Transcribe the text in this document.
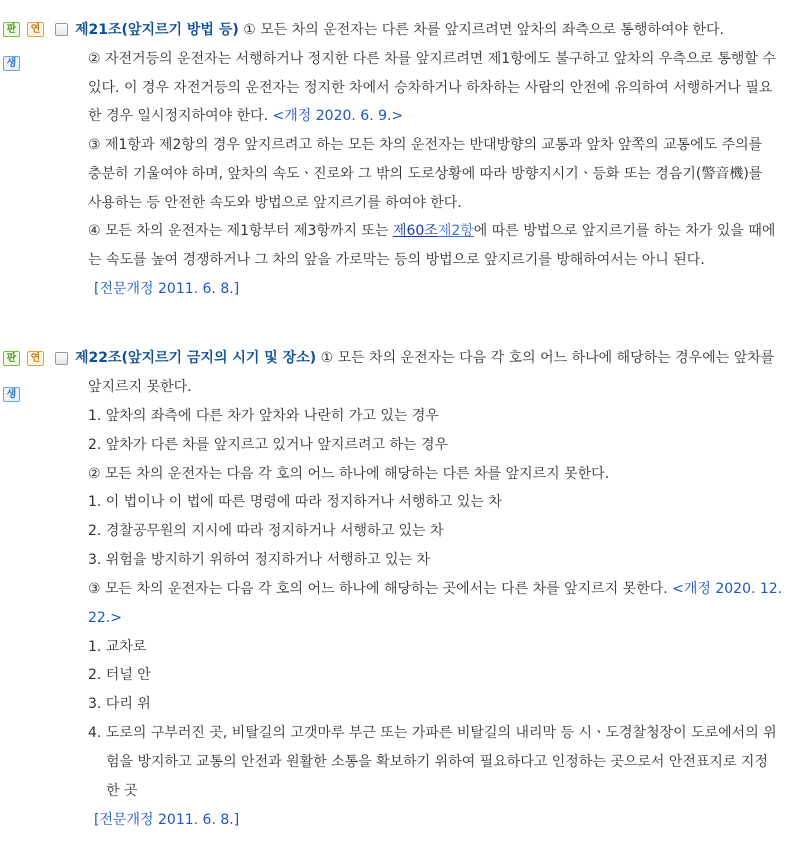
판	연
생
제21조(앞지르기 방법 등) ① 모든 차의 운전자는 다른 차를 앞지르려면 앞차의 좌측으로 통행하여야 한다.
② 자전거등의 운전자는 서행하거나 정지한 다른 차를 앞지르려면 제1항에도 불구하고 앞차의 우측으로 통행할 수
있다. 이 경우 자전거등의 운전자는 정지한 차에서 승차하거나 하차하는 사람의 안전에 유의하여 서행하거나 필요
한 경우 일시정지하여야 한다. <개정 2020. 6. 9.>
③ 제1항과 제2항의 경우 앞지르려고 하는 모든 차의 운전자는 반대방향의 교통과 앞차 앞쪽의 교통에도 주의를
충분히 기울여야 하며, 앞차의 속도ㆍ진로와 그 밖의 도로상황에 따라 방향지시기ㆍ등화 또는 경음기(警音機)를
사용하는 등 안전한 속도와 방법으로 앞지르기를 하여야 한다.
④ 모든 차의 운전자는 제1항부터 제3항까지 또는 제60조제2항에 따른 방법으로 앞지르기를 하는 차가 있을 때에
는 속도를 높여 경쟁하거나 그 차의 앞을 가로막는 등의 방법으로 앞지르기를 방해하여서는 아니 된다.
[전문개정 2011. 6. 8.]
판	연
생
제22조(앞지르기 금지의 시기 및 장소) ① 모든 차의 운전자는 다음 각 호의 어느 하나에 해당하는 경우에는 앞차를
앞지르지 못한다.
1. 앞차의 좌측에 다른 차가 앞차와 나란히 가고 있는 경우
2. 앞차가 다른 차를 앞지르고 있거나 앞지르려고 하는 경우
② 모든 차의 운전자는 다음 각 호의 어느 하나에 해당하는 다른 차를 앞지르지 못한다.
1. 이 법이나 이 법에 따른 명령에 따라 정지하거나 서행하고 있는 차
2. 경찰공무원의 지시에 따라 정지하거나 서행하고 있는 차
3. 위험을 방지하기 위하여 정지하거나 서행하고 있는 차
③ 모든 차의 운전자는 다음 각 호의 어느 하나에 해당하는 곳에서는 다른 차를 앞지르지 못한다. <개정 2020. 12.
22.>
1. 교차로
2. 터널 안
3. 다리 위
4. 도로의 구부러진 곳, 비탈길의 고갯마루 부근 또는 가파른 비탈길의 내리막 등 시ㆍ도경찰청장이 도로에서의 위
험을 방지하고 교통의 안전과 원활한 소통을 확보하기 위하여 필요하다고 인정하는 곳으로서 안전표지로 지정
한 곳
[전문개정 2011. 6. 8.]
